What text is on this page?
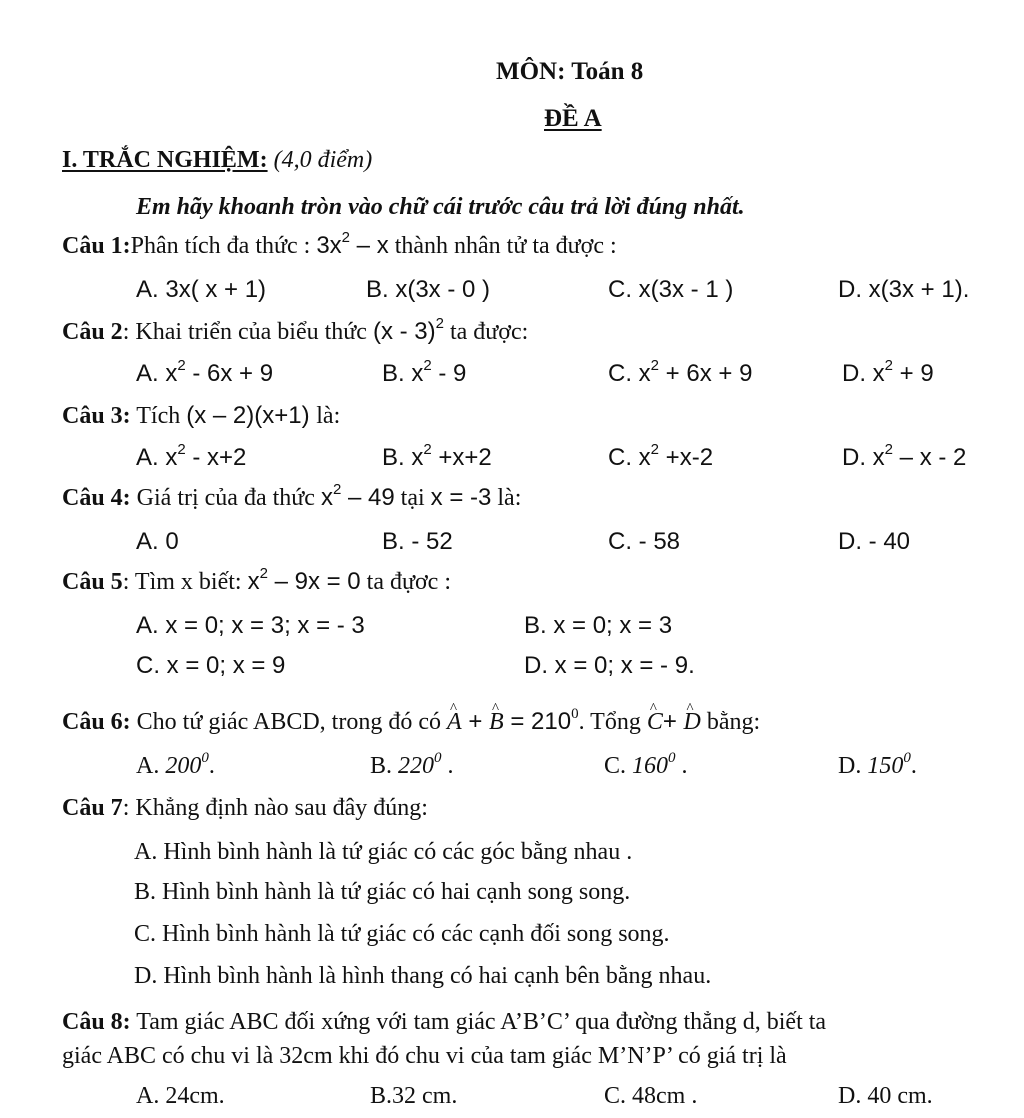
MÔN: Toán 8
ĐỀ A
I. TRẮC NGHIỆM: (4,0 điểm)
Em hãy khoanh tròn vào chữ cái trước câu trả lời đúng nhất.
Câu 1:Phân tích đa thức : $3x^2$ – x thành nhân tử ta được :
A. 3x( x + 1)	B. x(3x - 0 )	C. x(3x - 1 )	D. x(3x + 1).
Câu 2: Khai triển của biểu thức (x - 3)$^2$ ta được:
A. $x^2 - 6x + 9$	B. $x^2 - 9$	C. $x^2 + 6x + 9$	D. $x^2 + 9$
Câu 3: Tích (x – 2)(x+1) là:
A. $x^2 - x+2$	B. $x^2 +x+2$	C. $x^2 +x-2$	D. $x^2$ – x - 2
Câu 4: Giá trị của đa thức $x^2 - 49$ tại x = -3 là:
A. 0	B. - 52	C. - 58	D. - 40
Câu 5: Tìm x biết: $x^2 - 9x = 0$ ta đựơc :
A. x = 0; x = 3; x = - 3	B. x = 0; x = 3
C. x = 0; x = 9	D. x = 0; x = - 9.
Câu 6: Cho tứ giác ABCD, trong đó có ^ A + ^ $B = 210^0$. Tổng ^ C+ ^ D bằng:
A. $200^0$.	B. $220^0$ .	C. $160^0$ .	D. $150^0$.
Câu 7: Khẳng định nào sau đây đúng:
A. Hình bình hành là tứ giác có các góc bằng nhau .
B. Hình bình hành là tứ giác có hai cạnh song song.
C. Hình bình hành là tứ giác có các cạnh đối song song.
D. Hình bình hành là hình thang có hai cạnh bên bằng nhau.
Câu 8: Tam giác ABC đối xứng với tam giác A’B’C’ qua đường thẳng d, biết ta
giác ABC có chu vi là 32cm khi đó chu vi của tam giác M’N’P’ có giá trị là
A. 24cm.	B.32 cm.	C. 48cm .	D. 40 cm.
